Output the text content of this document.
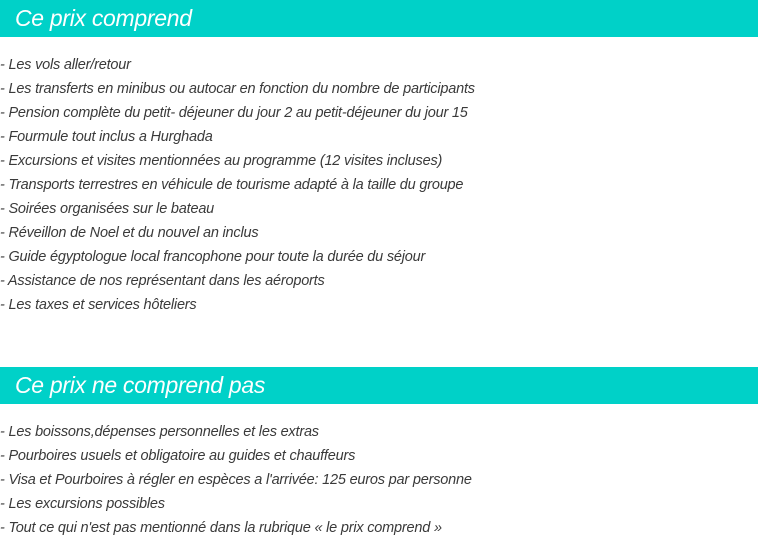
Ce prix comprend
- Les vols aller/retour
- Les transferts en minibus ou autocar en fonction du nombre de participants
- Pension complète du petit- déjeuner du jour 2 au petit-déjeuner du jour 15
- Fourmule tout inclus a Hurghada
- Excursions et visites mentionnées au programme (12 visites incluses)
- Transports terrestres en véhicule de tourisme adapté à la taille du groupe
- Soirées organisées sur le bateau
- Réveillon de Noel et du nouvel an inclus
- Guide égyptologue local francophone pour toute la durée du séjour
- Assistance de nos représentant dans les aéroports
- Les taxes et services hôteliers
Ce prix ne comprend pas
- Les boissons,dépenses personnelles et les extras
- Pourboires usuels et obligatoire au guides et chauffeurs
- Visa et Pourboires à régler en espèces a l'arrivée: 125 euros par personne
- Les excursions possibles
- Tout ce qui n'est pas mentionné dans la rubrique « le prix comprend »
